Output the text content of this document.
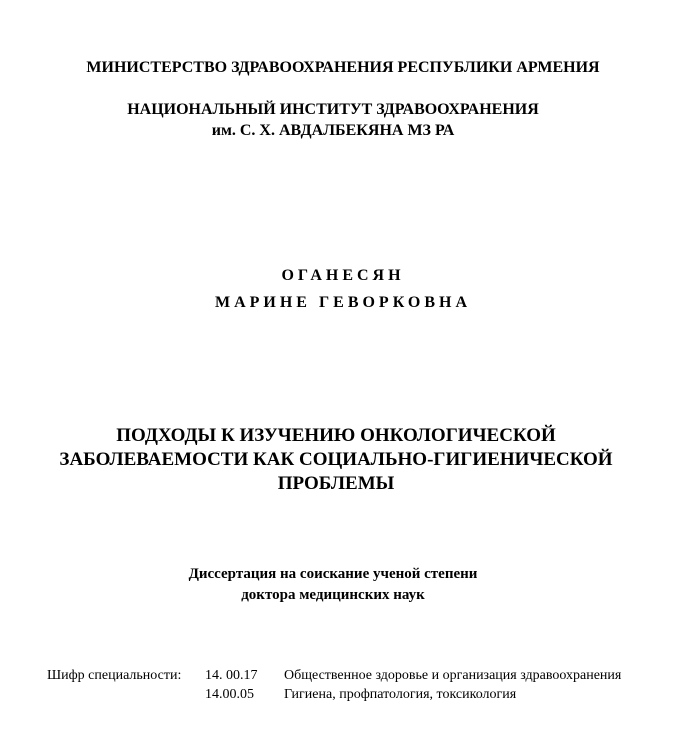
МИНИСТЕРСТВО ЗДРАВООХРАНЕНИЯ РЕСПУБЛИКИ АРМЕНИЯ
НАЦИОНАЛЬНЫЙ ИНСТИТУТ ЗДРАВООХРАНЕНИЯ
им. С. Х. АВДАЛБЕКЯНА МЗ РА
ОГАНЕСЯН
МАРИНЕ ГЕВОРКОВНА
ПОДХОДЫ К ИЗУЧЕНИЮ ОНКОЛОГИЧЕСКОЙ
ЗАБОЛЕВАЕМОСТИ КАК СОЦИАЛЬНО-ГИГИЕНИЧЕСКОЙ
ПРОБЛЕМЫ
Диссертация на соискание ученой степени
доктора медицинских наук
Шифр специальности: 14. 00.17 Общественное здоровье и организация здравоохранения
14.00.05 Гигиена, профпатология, токсикология
